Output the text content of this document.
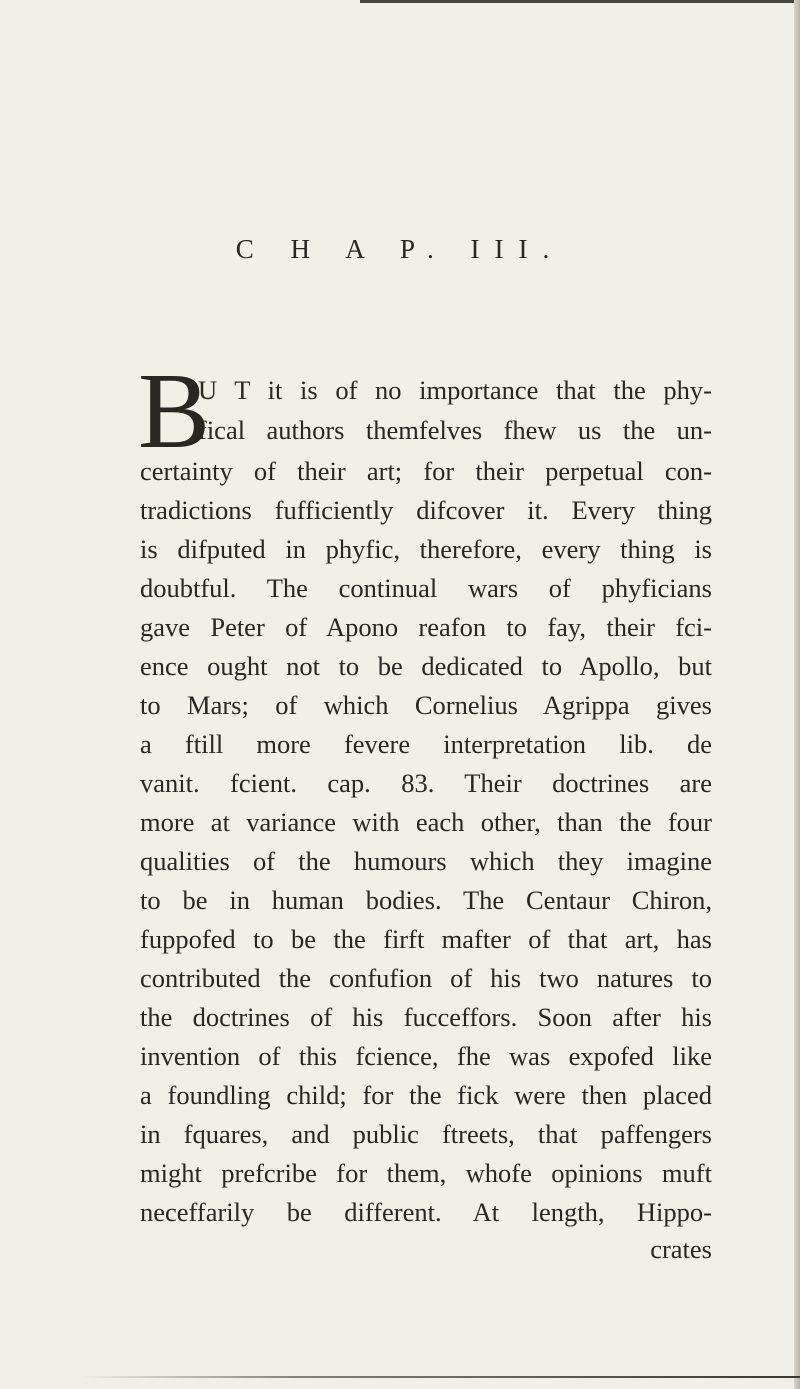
C H A P. III.
B
U T it is of no importance that the phy-
fical authors themfelves fhew us the un-
certainty of their art; for their perpetual con-
tradictions fufficiently difcover it. Every thing
is difputed in phyfic, therefore, every thing is
doubtful. The continual wars of phyficians
gave Peter of Apono reafon to fay, their fci-
ence ought not to be dedicated to Apollo, but
to Mars; of which Cornelius Agrippa gives
a ftill more fevere interpretation lib. de
vanit. fcient. cap. 83. Their doctrines are
more at variance with each other, than the four
qualities of the humours which they imagine
to be in human bodies. The Centaur Chiron,
fuppofed to be the firft mafter of that art, has
contributed the confufion of his two natures to
the doctrines of his fucceffors. Soon after his
invention of this fcience, fhe was expofed like
a foundling child; for the fick were then placed
in fquares, and public ftreets, that paffengers
might prefcribe for them, whofe opinions muft
neceffarily be different. At length, Hippo-
crates
